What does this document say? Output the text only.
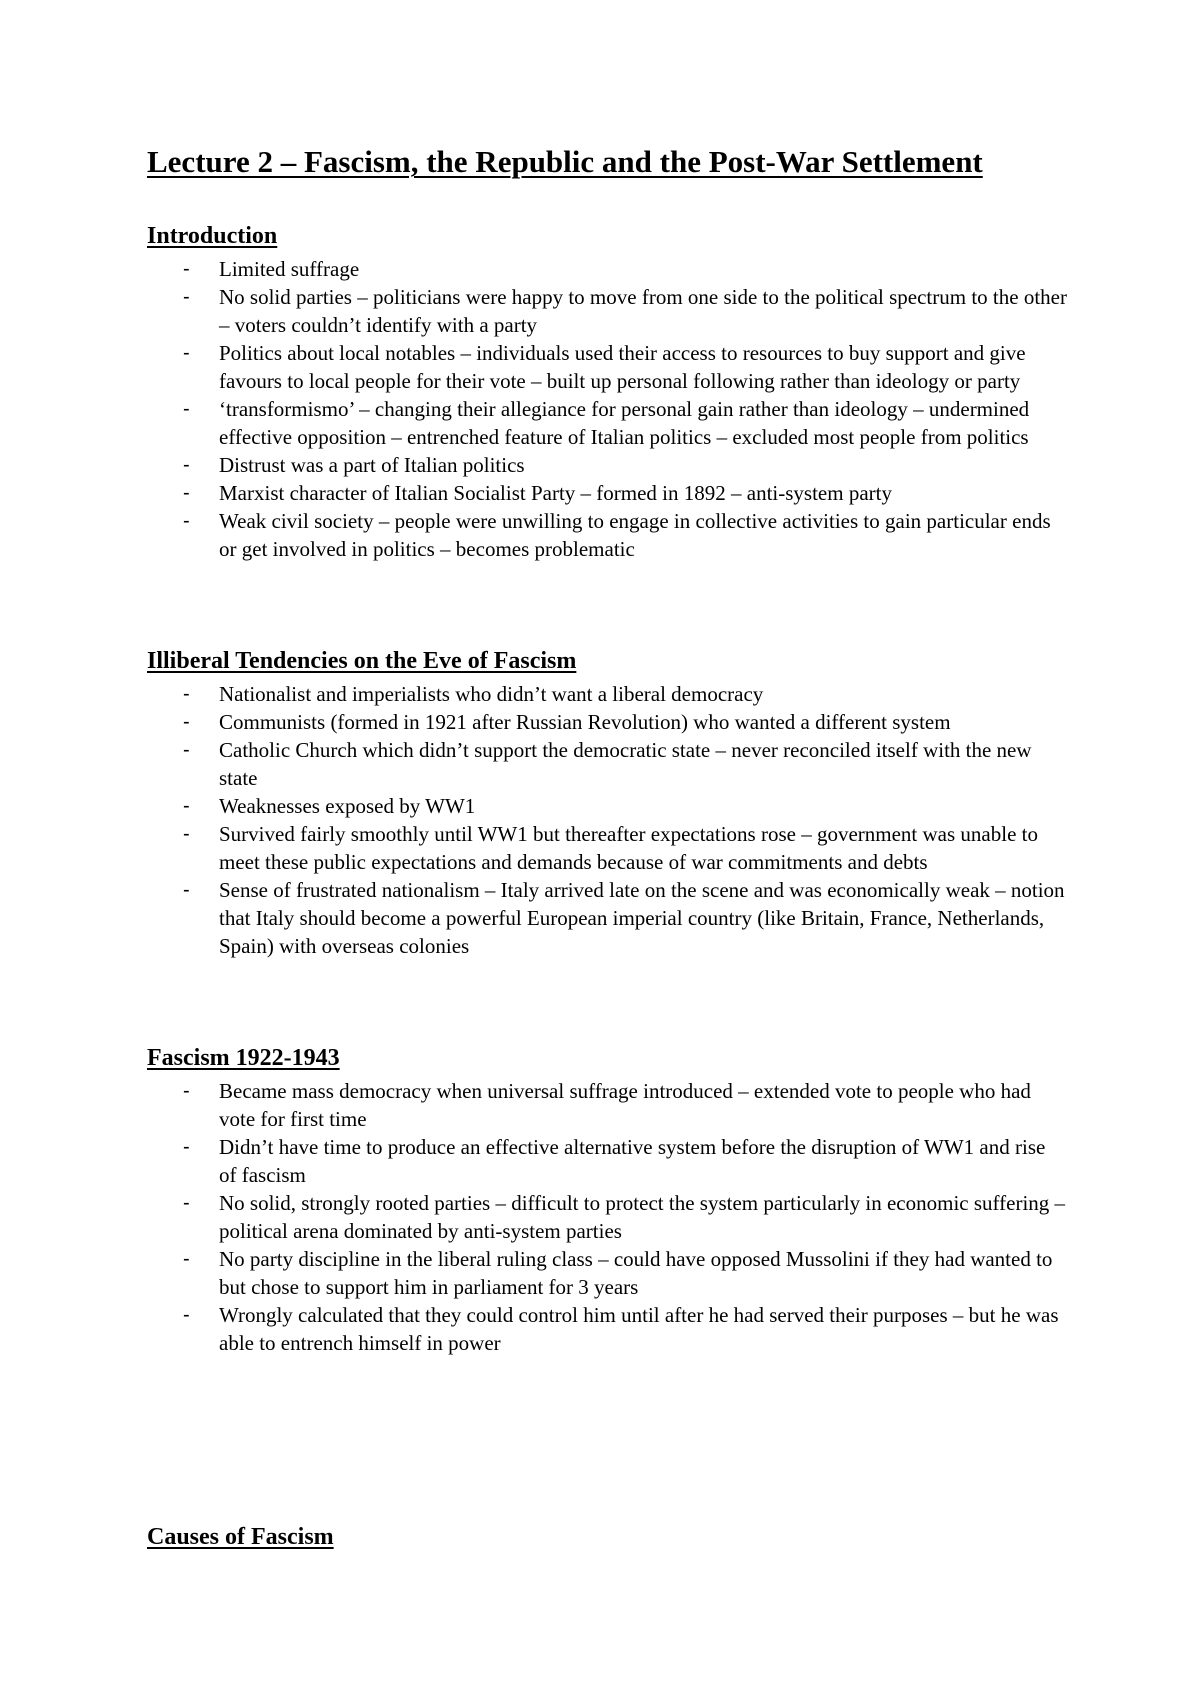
Lecture 2 – Fascism, the Republic and the Post-War Settlement
Introduction
- Limited suffrage
- No solid parties – politicians were happy to move from one side to the political spectrum to the other – voters couldn’t identify with a party
- Politics about local notables – individuals used their access to resources to buy support and give favours to local people for their vote – built up personal following rather than ideology or party
- ‘transformismo’ – changing their allegiance for personal gain rather than ideology – undermined effective opposition – entrenched feature of Italian politics – excluded most people from politics
- Distrust was a part of Italian politics
- Marxist character of Italian Socialist Party – formed in 1892 – anti-system party
- Weak civil society – people were unwilling to engage in collective activities to gain particular ends or get involved in politics – becomes problematic
Illiberal Tendencies on the Eve of Fascism
- Nationalist and imperialists who didn’t want a liberal democracy
- Communists (formed in 1921 after Russian Revolution) who wanted a different system
- Catholic Church which didn’t support the democratic state – never reconciled itself with the new state
- Weaknesses exposed by WW1
- Survived fairly smoothly until WW1 but thereafter expectations rose – government was unable to meet these public expectations and demands because of war commitments and debts
- Sense of frustrated nationalism – Italy arrived late on the scene and was economically weak – notion that Italy should become a powerful European imperial country (like Britain, France, Netherlands, Spain) with overseas colonies
Fascism 1922-1943
- Became mass democracy when universal suffrage introduced – extended vote to people who had vote for first time
- Didn’t have time to produce an effective alternative system before the disruption of WW1 and rise of fascism
- No solid, strongly rooted parties – difficult to protect the system particularly in economic suffering – political arena dominated by anti-system parties
- No party discipline in the liberal ruling class – could have opposed Mussolini if they had wanted to but chose to support him in parliament for 3 years
- Wrongly calculated that they could control him until after he had served their purposes – but he was able to entrench himself in power
Causes of Fascism
